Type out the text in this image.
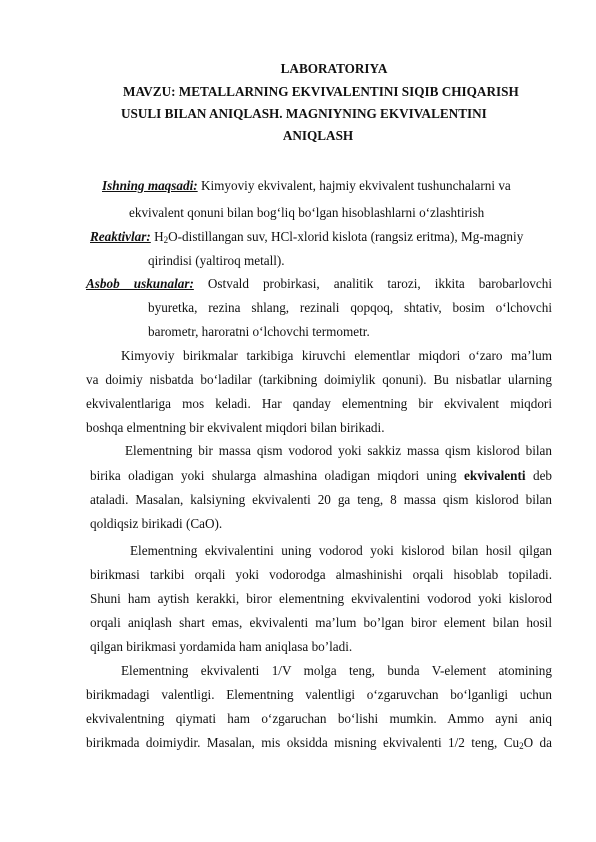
LABORATORIYA
MAVZU: METALLARNING EKVIVALENTINI SIQIB CHIQARISH
USULI BILAN ANIQLASH. MAGNIYNING EKVIVALENTINI
ANIQLASH
Ishning maqsadi: Kimyoviy ekvivalent, hajmiy ekvivalent tushunchalarni va
ekvivalent qonuni bilan bog‘liq bo‘lgan hisoblashlarni o‘zlashtirish
Reaktivlar: $H_2O$-distillangan suv, HCl-xlorid kislota (rangsiz eritma), Mg-magniy
qirindisi (yaltiroq metall).
Asbob uskunalar: Ostvald probirkasi, analitik tarozi, ikkita barobarlovchi
byuretka, rezina shlang, rezinali qopqoq, shtativ, bosim o‘lchovchi
barometr, haroratni o‘lchovchi termometr.
Kimyoviy birikmalar tarkibiga kiruvchi elementlar miqdori o‘zaro ma’lum
va doimiy nisbatda bo‘ladilar (tarkibning doimiylik qonuni). Bu nisbatlar ularning
ekvivalentlariga mos keladi. Har qanday elementning bir ekvivalent miqdori
boshqa elmentning bir ekvivalent miqdori bilan birikadi.
Elementning bir massa qism vodorod yoki sakkiz massa qism kislorod bilan
birika oladigan yoki shularga almashina oladigan miqdori uning ekvivalenti deb
ataladi. Masalan, kalsiyning ekvivalenti 20 ga teng, 8 massa qism kislorod bilan
qoldiqsiz birikadi (CaO).
Elementning ekvivalentini uning vodorod yoki kislorod bilan hosil qilgan
birikmasi tarkibi orqali yoki vodorodga almashinishi orqali hisoblab topiladi.
Shuni ham aytish kerakki, biror elementning ekvivalentini vodorod yoki kislorod
orqali aniqlash shart emas, ekvivalenti ma’lum bo’lgan biror element bilan hosil
qilgan birikmasi yordamida ham aniqlasa bo’ladi.
Elementning ekvivalenti 1/V molga teng, bunda V-element atomining
birikmadagi valentligi. Elementning valentligi o‘zgaruvchan bo‘lganligi uchun
ekvivalentning qiymati ham o‘zgaruchan bo‘lishi mumkin. Ammo ayni aniq
birikmada doimiydir. Masalan, mis oksidda misning ekvivalenti 1/2 teng, $Cu_2O$ da
